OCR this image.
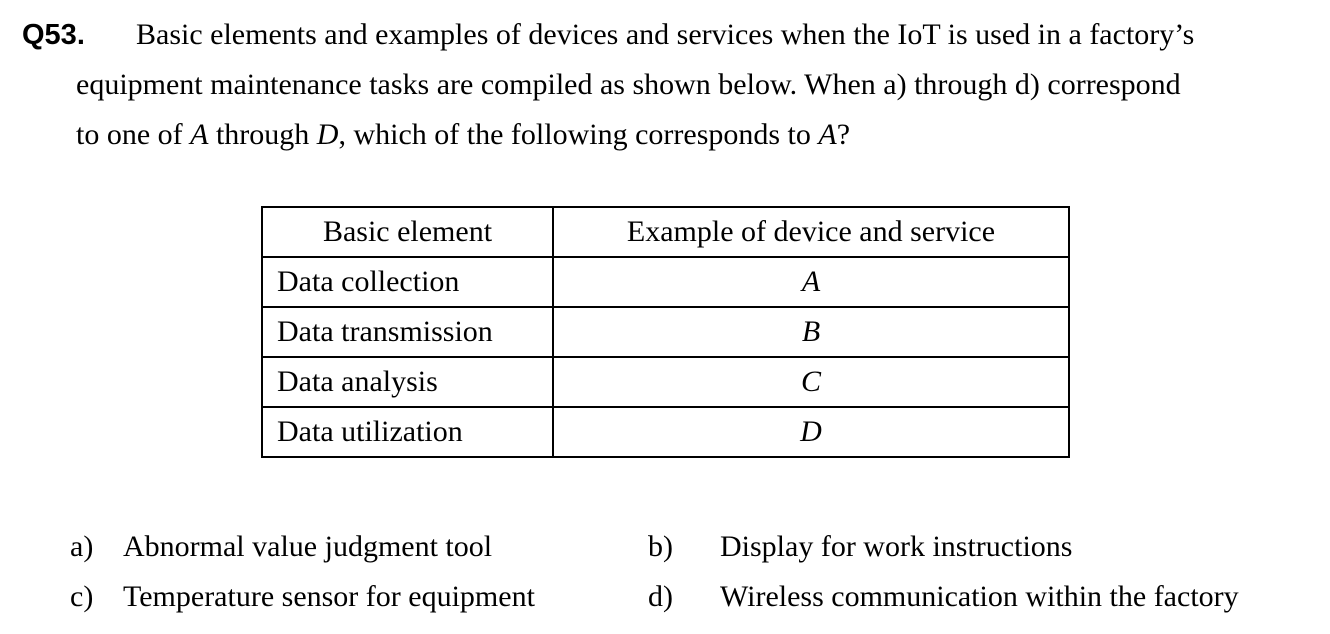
Q53. Basic elements and examples of devices and services when the IoT is used in a factory’s
equipment maintenance tasks are compiled as shown below. When a) through d) correspond
to one of A through D, which of the following corresponds to A?
Basic element	Example of device and service
Data collection	A
Data transmission	B
Data analysis	C
Data utilization	D
a) Abnormal value judgment tool	b) Display for work instructions
c) Temperature sensor for equipment	d) Wireless communication within the factory
